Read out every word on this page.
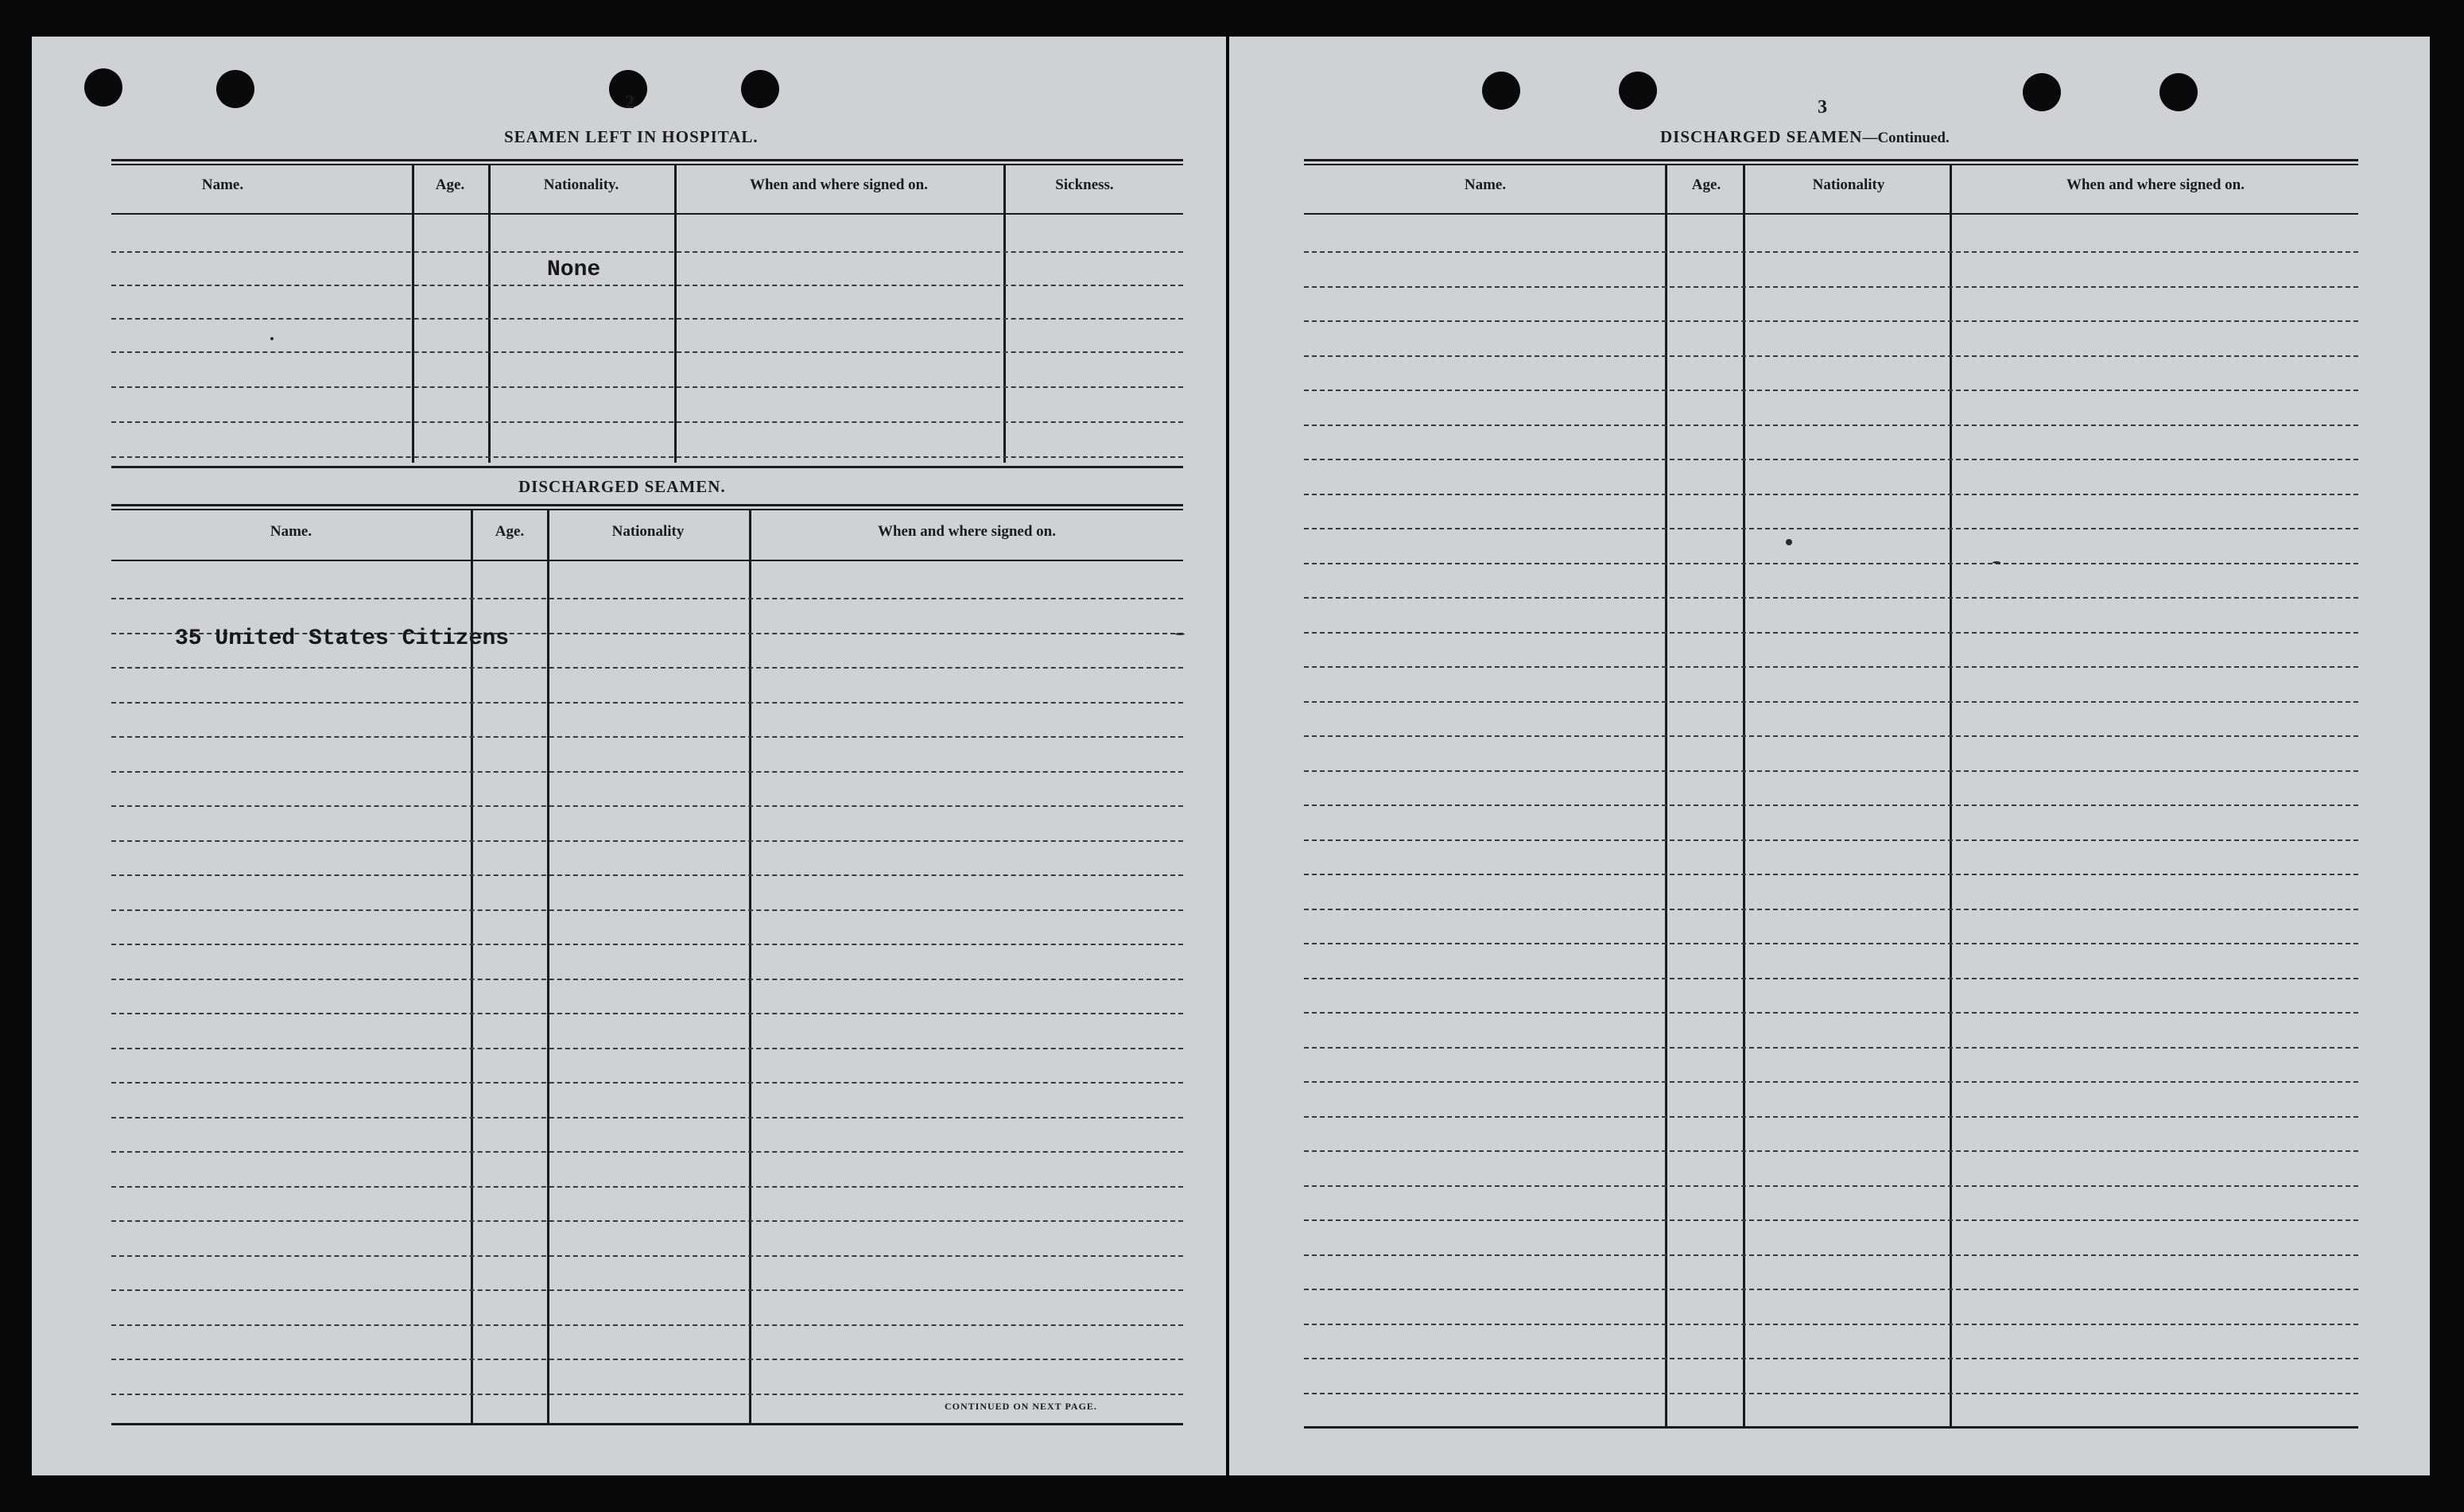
2
SEAMEN LEFT IN HOSPITAL.
Name.	Age.	Nationality.	When and where signed on.	Sickness.
None
DISCHARGED SEAMEN.
Name.	Age.	Nationality	When and where signed on.
35 United States Citizens
CONTINUED ON NEXT PAGE.
3
DISCHARGED SEAMEN—Continued.
Name.	Age.	Nationality	When and where signed on.
